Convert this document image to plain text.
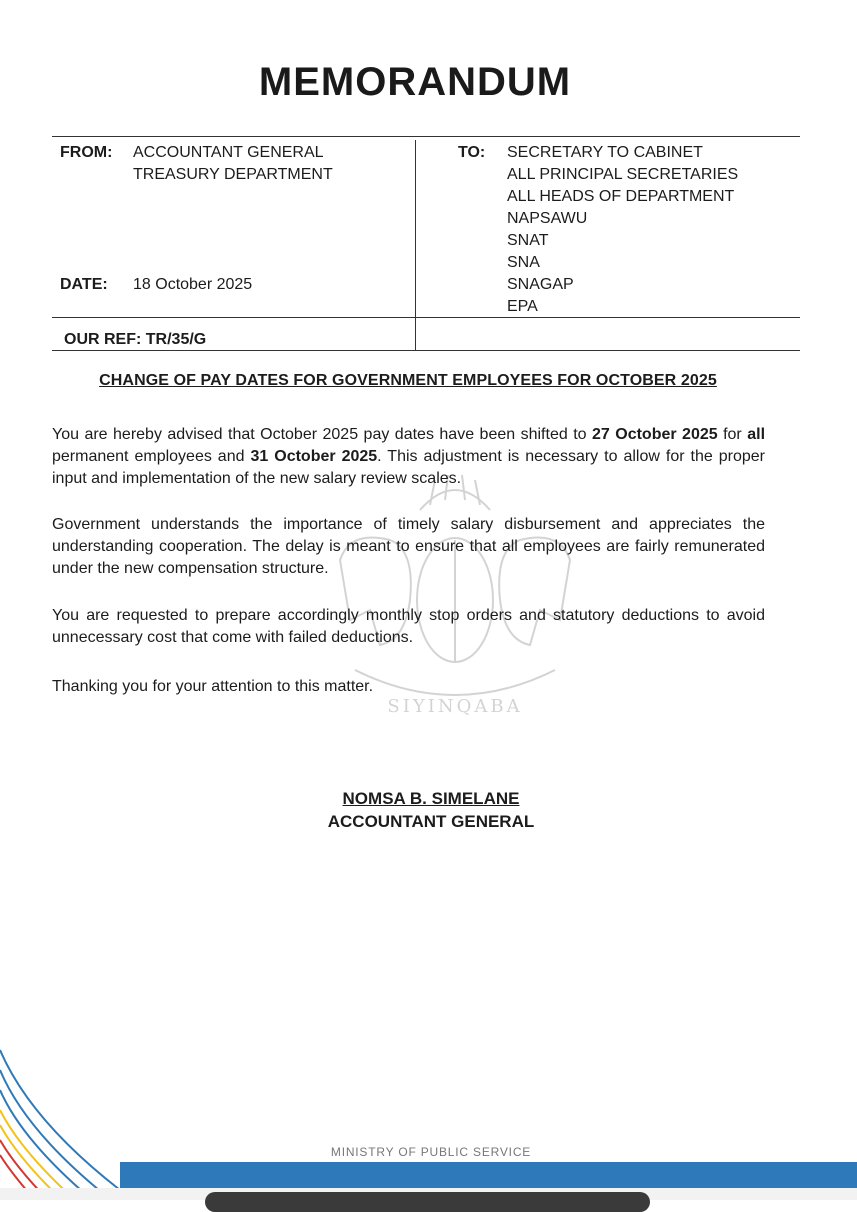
MEMORANDUM
FROM: ACCOUNTANT GENERAL
TREASURY DEPARTMENT
DATE: 18 October 2025
TO: SECRETARY TO CABINET
ALL PRINCIPAL SECRETARIES
ALL HEADS OF DEPARTMENT
NAPSAWU
SNAT
SNA
SNAGAP
EPA
OUR REF: TR/35/G
CHANGE OF PAY DATES FOR GOVERNMENT EMPLOYEES FOR OCTOBER 2025
SIYINQABA
You are hereby advised that October 2025 pay dates have been shifted to 27 October 2025 for all permanent employees and 31 October 2025. This adjustment is necessary to allow for the proper input and implementation of the new salary review scales.
Government understands the importance of timely salary disbursement and appreciates the understanding cooperation. The delay is meant to ensure that all employees are fairly remunerated under the new compensation structure.
You are requested to prepare accordingly monthly stop orders and statutory deductions to avoid unnecessary cost that come with failed deductions.
Thanking you for your attention to this matter.
NOMSA B. SIMELANE
ACCOUNTANT GENERAL
MINISTRY OF PUBLIC SERVICE
